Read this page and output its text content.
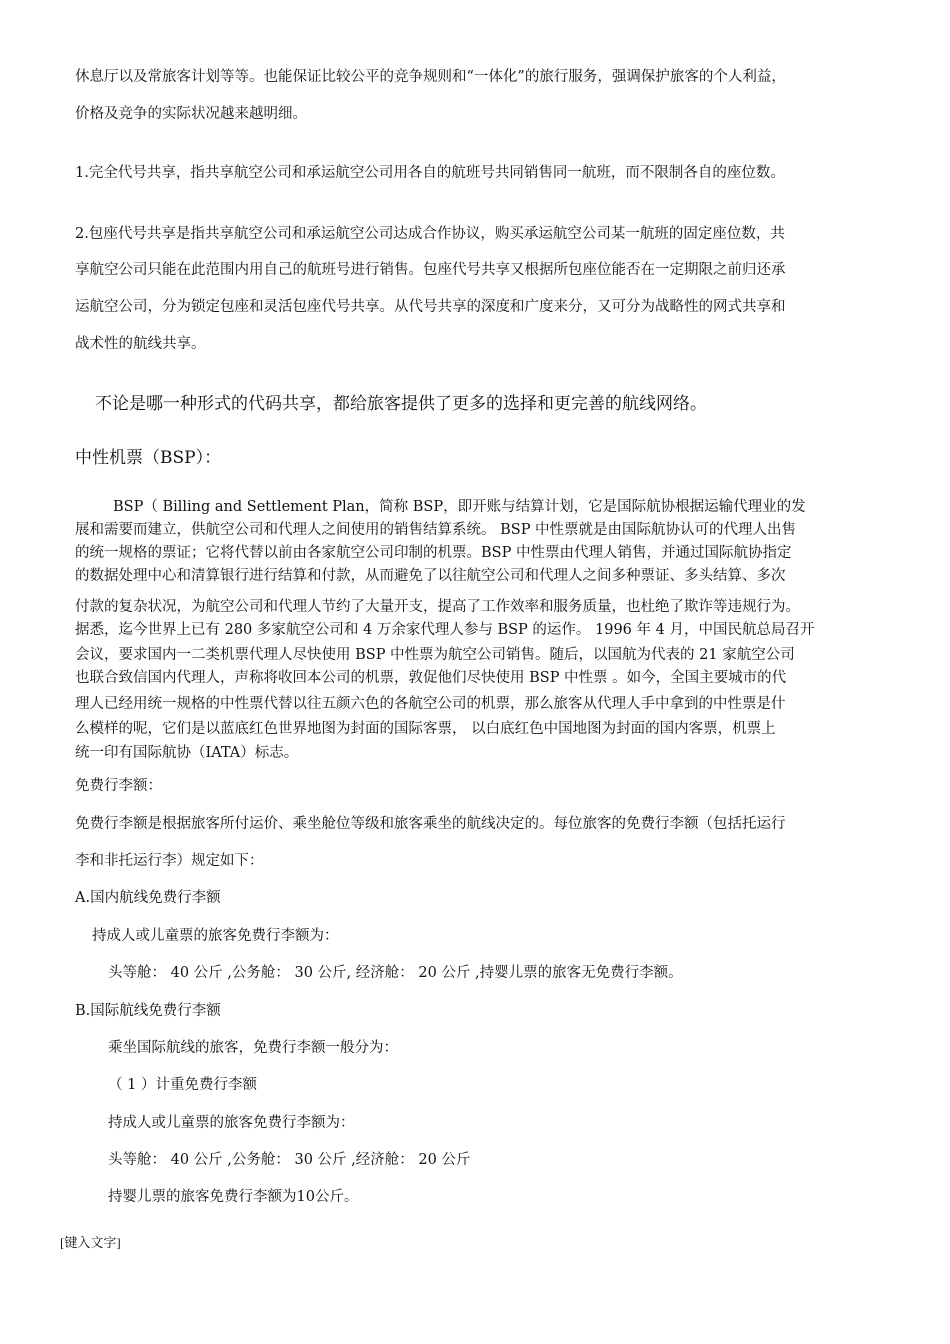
休息厅以及常旅客计划等等。也能保证比较公平的竞争规则和“一体化”的旅行服务，强调保护旅客的个人利益，
价格及竞争的实际状况越来越明细。
1.完全代号共享，指共享航空公司和承运航空公司用各自的航班号共同销售同一航班，而不限制各自的座位数。
2.包座代号共享是指共享航空公司和承运航空公司达成合作协议，购买承运航空公司某一航班的固定座位数，共
享航空公司只能在此范围内用自己的航班号进行销售。包座代号共享又根据所包座位能否在一定期限之前归还承
运航空公司，分为锁定包座和灵活包座代号共享。从代号共享的深度和广度来分，又可分为战略性的网式共享和
战术性的航线共享。
不论是哪一种形式的代码共享，都给旅客提供了更多的选择和更完善的航线网络。
中性机票（BSP）：
BSP（ Billing and Settlement Plan，简称 BSP，即开账与结算计划，它是国际航协根据运输代理业的发
展和需要而建立，供航空公司和代理人之间使用的销售结算系统。 BSP 中性票就是由国际航协认可的代理人出售
的统一规格的票证；它将代替以前由各家航空公司印制的机票。BSP 中性票由代理人销售，并通过国际航协指定
的数据处理中心和清算银行进行结算和付款，从而避免了以往航空公司和代理人之间多种票证、多头结算、多次
付款的复杂状况，为航空公司和代理人节约了大量开支，提高了工作效率和服务质量，也杜绝了欺诈等违规行为。
据悉，迄今世界上已有 280 多家航空公司和 4 万余家代理人参与 BSP 的运作。 1996 年 4 月，中国民航总局召开
会议，要求国内一二类机票代理人尽快使用 BSP 中性票为航空公司销售。随后，以国航为代表的 21 家航空公司
也联合致信国内代理人，声称将收回本公司的机票，敦促他们尽快使用 BSP 中性票 。如今，全国主要城市的代
理人已经用统一规格的中性票代替以往五颜六色的各航空公司的机票，那么旅客从代理人手中拿到的中性票是什
么模样的呢，它们是以蓝底红色世界地图为封面的国际客票， 以白底红色中国地图为封面的国内客票，机票上
统一印有国际航协（IATA）标志。
免费行李额：
免费行李额是根据旅客所付运价、乘坐舱位等级和旅客乘坐的航线决定的。每位旅客的免费行李额（包括托运行
李和非托运行李）规定如下：
A.国内航线免费行李额
持成人或儿童票的旅客免费行李额为：
头等舱： 40 公斤 ,公务舱： 30 公斤, 经济舱： 20 公斤 ,持婴儿票的旅客无免费行李额。
B.国际航线免费行李额
乘坐国际航线的旅客，免费行李额一般分为：
（ 1 ）计重免费行李额
持成人或儿童票的旅客免费行李额为：
头等舱： 40 公斤 ,公务舱： 30 公斤 ,经济舱： 20 公斤
持婴儿票的旅客免费行李额为10公斤。
[键入文字]
